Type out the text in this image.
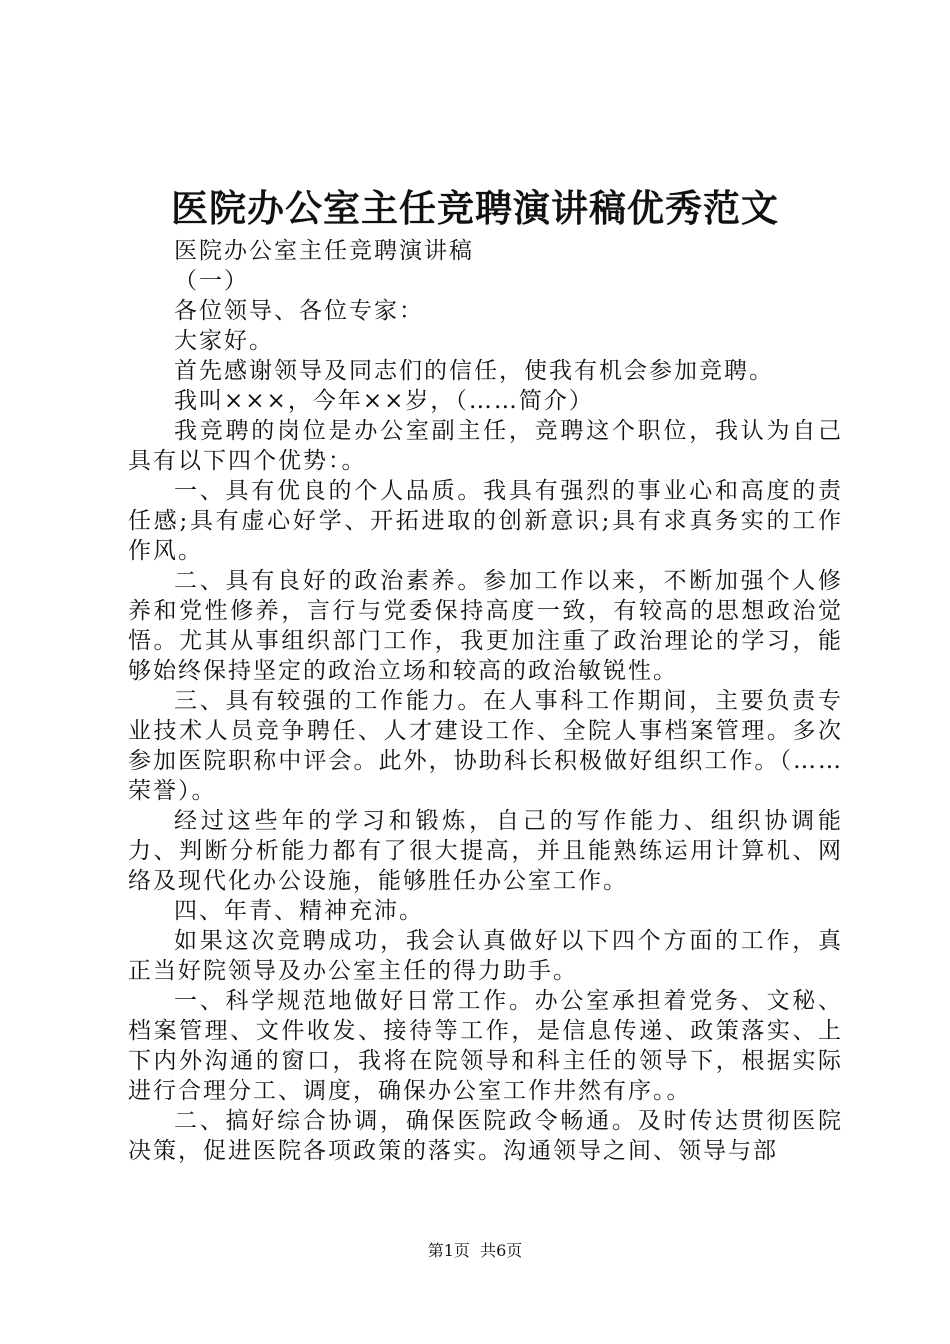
医院办公室主任竞聘演讲稿优秀范文

医院办公室主任竞聘演讲稿

（一）

各位领导、各位专家：

大家好。

首先感谢领导及同志们的信任，使我有机会参加竞聘。

我叫×××，今年××岁，（……简介）

我竞聘的岗位是办公室副主任，竞聘这个职位，我认为自己具有以下四个优势：。

一、具有优良的个人品质。我具有强烈的事业心和高度的责任感;具有虚心好学、开拓进取的创新意识;具有求真务实的工作作风。

二、具有良好的政治素养。参加工作以来，不断加强个人修养和党性修养，言行与党委保持高度一致，有较高的思想政治觉悟。尤其从事组织部门工作，我更加注重了政治理论的学习，能够始终保持坚定的政治立场和较高的政治敏锐性。

三、具有较强的工作能力。在人事科工作期间，主要负责专业技术人员竞争聘任、人才建设工作、全院人事档案管理。多次参加医院职称中评会。此外，协助科长积极做好组织工作。（……荣誉）。

经过这些年的学习和锻炼，自己的写作能力、组织协调能力、判断分析能力都有了很大提高，并且能熟练运用计算机、网络及现代化办公设施，能够胜任办公室工作。

四、年青、精神充沛。

如果这次竞聘成功，我会认真做好以下四个方面的工作，真正当好院领导及办公室主任的得力助手。

一、科学规范地做好日常工作。办公室承担着党务、文秘、档案管理、文件收发、接待等工作，是信息传递、政策落实、上下内外沟通的窗口，我将在院领导和科主任的领导下，根据实际进行合理分工、调度，确保办公室工作井然有序。。

二、搞好综合协调，确保医院政令畅通。及时传达贯彻医院决策，促进医院各项政策的落实。沟通领导之间、领导与部

第1页  共6页
